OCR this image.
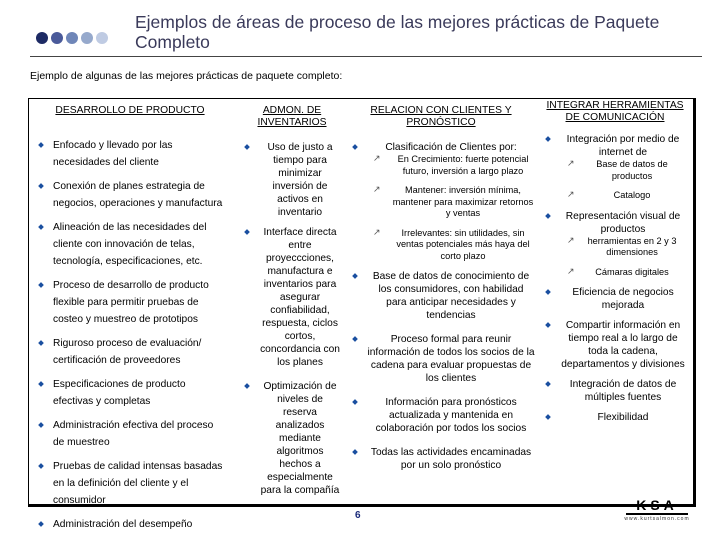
Ejemplos de áreas de proceso de las mejores prácticas de Paquete Completo
Ejemplo de algunas de las mejores prácticas de paquete completo:
DESARROLLO DE PRODUCTO
Enfocado y llevado por las necesidades del cliente
Conexión de planes estrategia de negocios, operaciones y manufactura
Alineación de las necesidades del cliente con innovación de telas, tecnología, especificaciones, etc.
Proceso de desarrollo de producto flexible para permitir pruebas de costeo y muestreo de prototipos
Riguroso proceso de evaluación/ certificación de proveedores
Especificaciones de producto efectivas y completas
Administración efectiva del proceso de muestreo
Pruebas de calidad intensas basadas en la definición del cliente y el consumidor
Administración del desempeño
ADMON. DE INVENTARIOS
Uso de justo a tiempo para minimizar inversión de activos en inventario
Interface directa entre proyeccciones, manufactura e inventarios para asegurar confiabilidad, respuesta, ciclos cortos, concordancia con los planes
Optimización de niveles de reserva analizados mediante algoritmos hechos a especialmente para la compañía
RELACION CON CLIENTES Y PRONÓSTICO
Clasificación de Clientes por:
↗ En Crecimiento: fuerte potencial futuro, inversión a largo plazo
↗ Mantener: inversión mínima, mantener para maximizar retornos y ventas
↗ Irrelevantes: sin utilidades, sin ventas potenciales más haya del corto plazo
Base de datos de conocimiento de los consumidores, con habilidad para anticipar necesidades y tendencias
Proceso formal para reunir información de todos los socios de la cadena para evaluar propuestas de los clientes
Información para pronósticos actualizada y mantenida en colaboración por todos los socios
Todas las actividades encaminadas por un solo pronóstico
INTEGRAR HERRAMIENTAS DE COMUNICACIÓN
Integración por medio de internet de
↗ Base de datos de productos
↗ Catalogo
Representación visual de productos
↗ herramientas en 2 y 3 dimensiones
↗ Cámaras digitales
Eficiencia de negocios mejorada
Compartir información en tiempo real a lo largo de toda la cadena, departamentos y divisiones
Integración de datos de múltiples fuentes
Flexibilidad
6
KSA
www.kurtsalmon.com
